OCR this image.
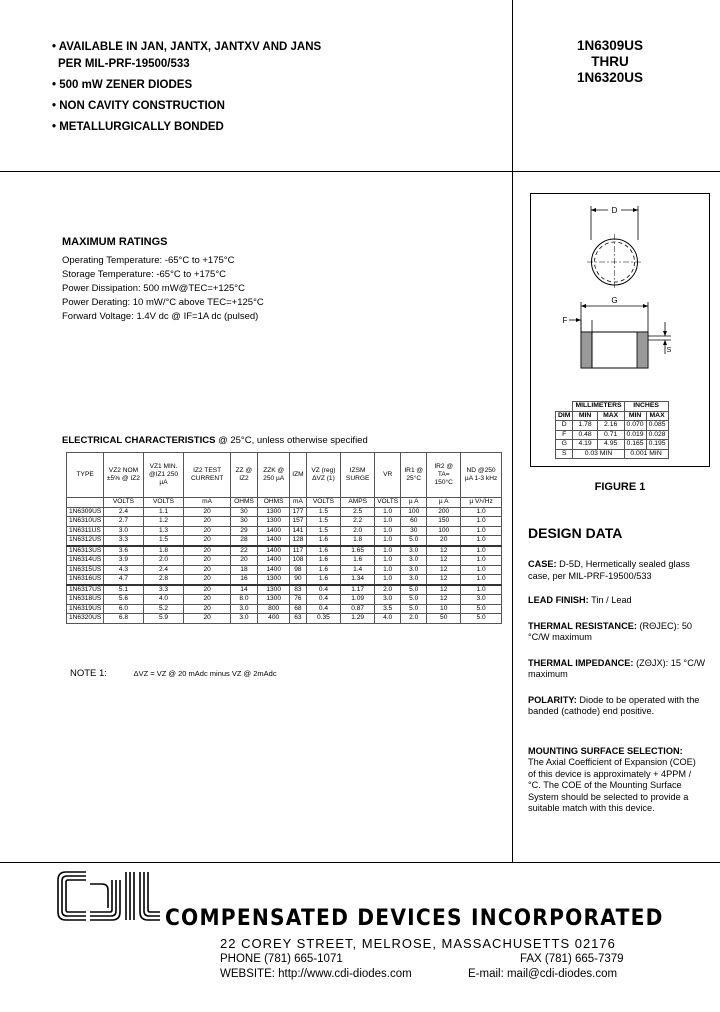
• AVAILABLE IN JAN, JANTX, JANTXV AND JANS
PER MIL-PRF-19500/533
• 500 mW ZENER DIODES
• NON CAVITY CONSTRUCTION
• METALLURGICALLY BONDED
1N6309US
THRU
1N6320US
MAXIMUM RATINGS
Operating Temperature: -65°C to +175°C
Storage Temperature: -65°C to +175°C
Power Dissipation: 500 mW@TEC=+125°C
Power Derating: 10 mW/°C above TEC=+125°C
Forward Voltage: 1.4V dc @ IF=1A dc (pulsed)
ELECTRICAL CHARACTERISTICS @ 25°C, unless otherwise specified
TYPE	VZ2 NOM ±5% @ IZ2	VZ1 MIN. @IZ1 250 µA	IZ2 TEST CURRENT	ZZ @ IZ2	ZZK @ 250 µA	IZM	VZ (reg) ΔVZ (1)	IZSM SURGE	VR	IR1 @ 25°C	IR2 @ TA= 150°C	ND @250 µA 1-3 kHz
	VOLTS	VOLTS	mA	OHMS	OHMS	mA	VOLTS	AMPS	VOLTS	µ A	µ A	µ V/√Hz
1N6309US	2.4	1.1	20	30	1300	177	1.5	2.5	1.0	100	200	1.0
1N6310US	2.7	1.2	20	30	1300	157	1.5	2.2	1.0	60	150	1.0
1N6311US	3.0	1.3	20	29	1400	141	1.5	2.0	1.0	30	100	1.0
1N6312US	3.3	1.5	20	28	1400	128	1.6	1.8	1.0	5.0	20	1.0
1N6313US	3.6	1.8	20	22	1400	117	1.6	1.65	1.0	3.0	12	1.0
1N6314US	3.9	2.0	20	20	1400	108	1.6	1.6	1.0	3.0	12	1.0
1N6315US	4.3	2.4	20	18	1400	98	1.6	1.4	1.0	3.0	12	1.0
1N6316US	4.7	2.8	20	16	1300	90	1.6	1.34	1.0	3.0	12	1.0
1N6317US	5.1	3.3	20	14	1300	83	0.4	1.17	2.0	5.0	12	1.0
1N6318US	5.6	4.0	20	8.0	1300	76	0.4	1.09	3.0	5.0	12	3.0
1N6319US	6.0	5.2	20	3.0	800	68	0.4	0.87	3.5	5.0	10	5.0
1N6320US	6.8	5.9	20	3.0	400	63	0.35	1.29	4.0	2.0	50	5.0
NOTE 1:	ΔVZ = VZ @ 20 mAdc minus VZ @ 2mAdc
D
G
F
S
	MILLIMETERS		INCHES	
DIM	MIN	MAX	MIN	MAX
D	1.78	2.16	0.070	0.085
F	0.48	0.71	0.019	0.028
G	4.19	4.95	0.165	0.195
S	0.03 MIN		0.001 MIN	
FIGURE 1
DESIGN DATA
CASE: D-5D, Hermetically sealed glass case, per MIL-PRF-19500/533
LEAD FINISH: Tin / Lead
THERMAL RESISTANCE: (RΘJEC): 50 °C/W maximum
THERMAL IMPEDANCE: (ZΘJX): 15 °C/W maximum
POLARITY: Diode to be operated with the banded (cathode) end positive.
MOUNTING SURFACE SELECTION:
The Axial Coefficient of Expansion (COE) of this device is approximately + 4PPM / °C. The COE of the Mounting Surface System should be selected to provide a suitable match with this device.
COMPENSATED DEVICES INCORPORATED
22 COREY STREET, MELROSE, MASSACHUSETTS 02176
PHONE (781) 665-1071	FAX (781) 665-7379
WEBSITE: http://www.cdi-diodes.com	E-mail: mail@cdi-diodes.com
